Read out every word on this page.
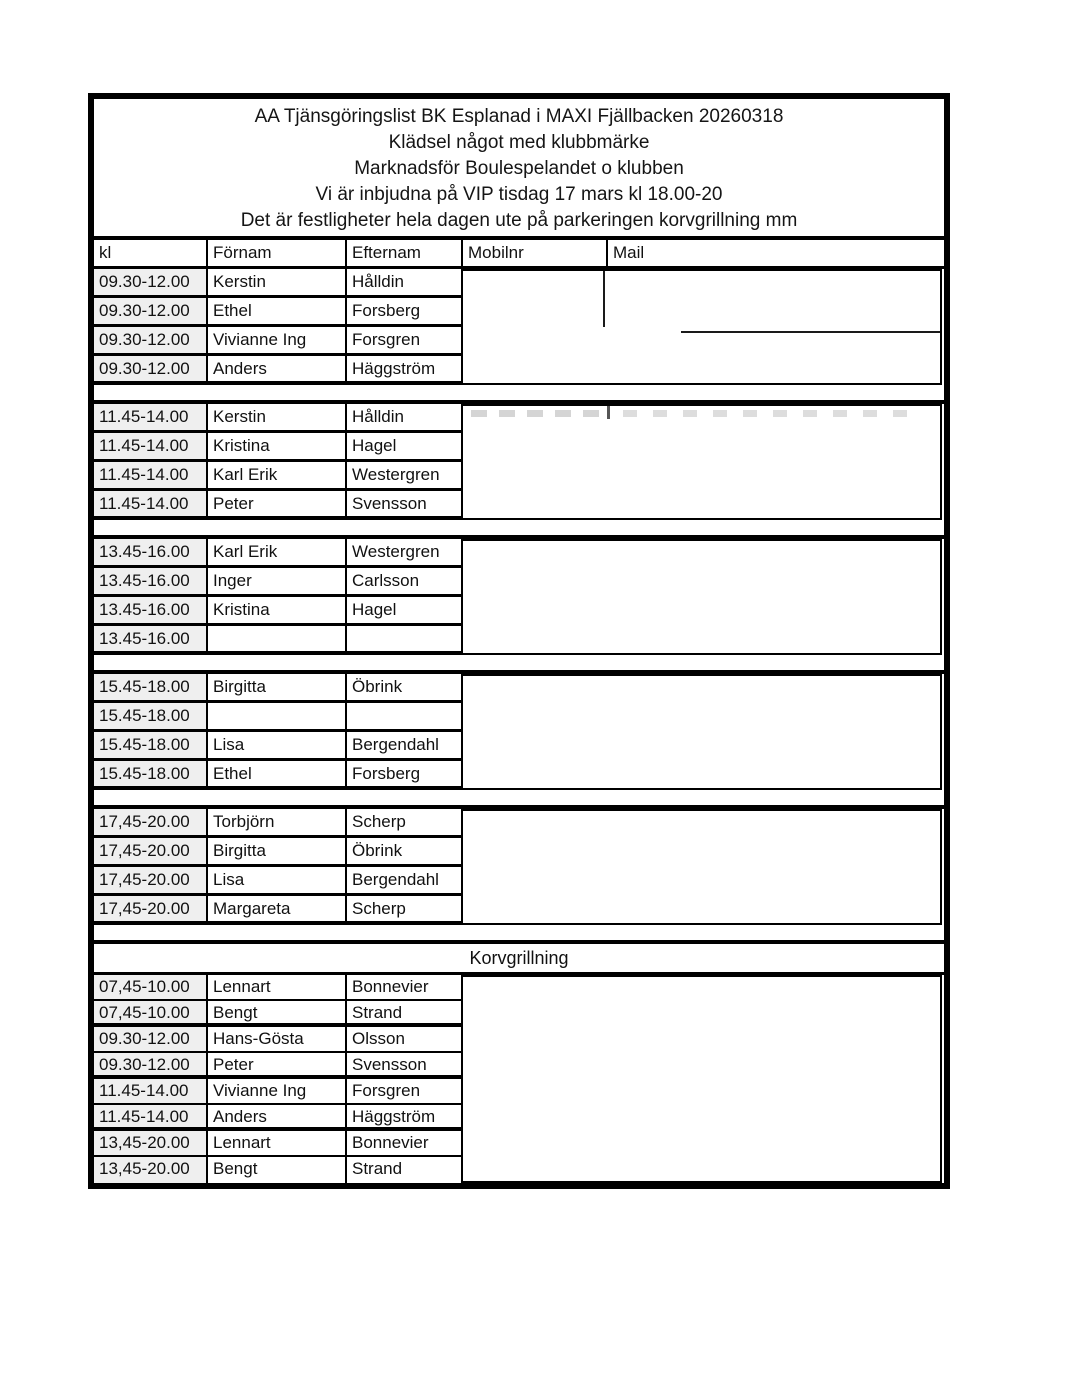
AA Tjänsgöringslist BK Esplanad i MAXI Fjällbacken 20260318
Klädsel något med klubbmärke
Marknadsför Boulespelandet o klubben
Vi är inbjudna på VIP tisdag 17 mars kl 18.00-20
Det är festligheter hela dagen ute på parkeringen korvgrillning mm
kl	Förnam	Efternam	Mobilnr	Mail
09.30-12.00	Kerstin	Hålldin
09.30-12.00	Ethel	Forsberg
09.30-12.00	Vivianne Ing	Forsgren
09.30-12.00	Anders	Häggström
11.45-14.00	Kerstin	Hålldin
11.45-14.00	Kristina	Hagel
11.45-14.00	Karl Erik	Westergren
11.45-14.00	Peter	Svensson
13.45-16.00	Karl Erik	Westergren
13.45-16.00	Inger	Carlsson
13.45-16.00	Kristina	Hagel
13.45-16.00
15.45-18.00	Birgitta	Öbrink
15.45-18.00
15.45-18.00	Lisa	Bergendahl
15.45-18.00	Ethel	Forsberg
17,45-20.00	Torbjörn	Scherp
17,45-20.00	Birgitta	Öbrink
17,45-20.00	Lisa	Bergendahl
17,45-20.00	Margareta	Scherp
Korvgrillning
07,45-10.00	Lennart	Bonnevier
07,45-10.00	Bengt	Strand
09.30-12.00	Hans-Gösta	Olsson
09.30-12.00	Peter	Svensson
11.45-14.00	Vivianne Ing	Forsgren
11.45-14.00	Anders	Häggström
13,45-20.00	Lennart	Bonnevier
13,45-20.00	Bengt	Strand
